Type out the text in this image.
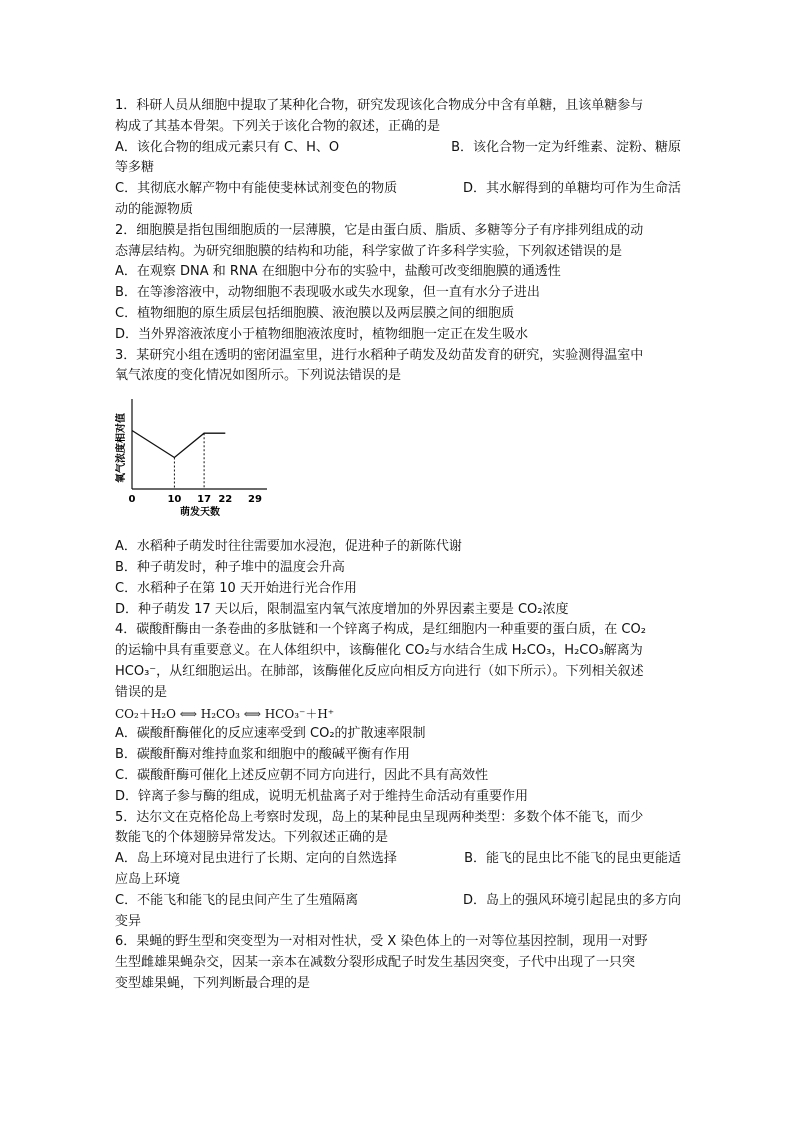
1．科研人员从细胞中提取了某种化合物，研究发现该化合物成分中含有单糖，且该单糖参与

构成了其基本骨架。下列关于该化合物的叙述，正确的是

A．该化合物的组成元素只有 C、H、O	B．该化合物一定为纤维素、淀粉、糖原

等多糖

C．其彻底水解产物中有能使斐林试剂变色的物质	D．其水解得到的单糖均可作为生命活

动的能源物质

2．细胞膜是指包围细胞质的一层薄膜，它是由蛋白质、脂质、多糖等分子有序排列组成的动

态薄层结构。为研究细胞膜的结构和功能，科学家做了许多科学实验，下列叙述错误的是

A．在观察 DNA 和 RNA 在细胞中分布的实验中，盐酸可改变细胞膜的通透性

B．在等渗溶液中，动物细胞不表现吸水或失水现象，但一直有水分子进出

C．植物细胞的原生质层包括细胞膜、液泡膜以及两层膜之间的细胞质

D．当外界溶液浓度小于植物细胞液浓度时，植物细胞一定正在发生吸水

3．某研究小组在透明的密闭温室里，进行水稻种子萌发及幼苗发育的研究，实验测得温室中

氧气浓度的变化情况如图所示。下列说法错误的是

氧气浓度相对值
0	10 17 22 29
萌发天数

A．水稻种子萌发时往往需要加水浸泡，促进种子的新陈代谢

B．种子萌发时，种子堆中的温度会升高

C．水稻种子在第 10 天开始进行光合作用

D．种子萌发 17 天以后，限制温室内氧气浓度增加的外界因素主要是 CO₂浓度

4．碳酸酐酶由一条卷曲的多肽链和一个锌离子构成，是红细胞内一种重要的蛋白质，在 CO₂

的运输中具有重要意义。在人体组织中，该酶催化 CO₂与水结合生成 H₂CO₃，H₂CO₃解离为

HCO₃⁻，从红细胞运出。在肺部，该酶催化反应向相反方向进行（如下所示）。下列相关叙述

错误的是

CO₂＋H₂O ⟺ H₂CO₃ ⟺ HCO₃⁻＋H⁺

A．碳酸酐酶催化的反应速率受到 CO₂的扩散速率限制

B．碳酸酐酶对维持血浆和细胞中的酸碱平衡有作用

C．碳酸酐酶可催化上述反应朝不同方向进行，因此不具有高效性

D．锌离子参与酶的组成，说明无机盐离子对于维持生命活动有重要作用

5．达尔文在克格伦岛上考察时发现，岛上的某种昆虫呈现两种类型：多数个体不能飞，而少

数能飞的个体翅膀异常发达。下列叙述正确的是

A．岛上环境对昆虫进行了长期、定向的自然选择	B．能飞的昆虫比不能飞的昆虫更能适

应岛上环境

C．不能飞和能飞的昆虫间产生了生殖隔离	D．岛上的强风环境引起昆虫的多方向

变异

6．果蝇的野生型和突变型为一对相对性状，受 X 染色体上的一对等位基因控制，现用一对野

生型雌雄果蝇杂交，因某一亲本在减数分裂形成配子时发生基因突变，子代中出现了一只突

变型雄果蝇，下列判断最合理的是
